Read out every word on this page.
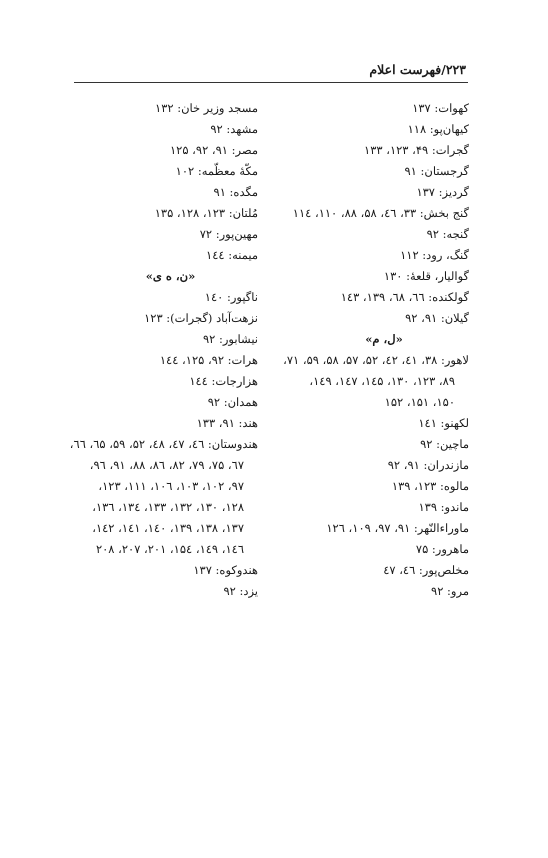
۲۲۳/فهرست اعلام
کهوات: ۱۳۷
کیهان‌پو: ۱۱۸
گجرات: ۴۹، ۱۲۳، ۱۳۳
گرجستان: ۹۱
گردیز: ۱۳۷
گنج بخش: ۳۳، ٤٦، ۵۸، ۸۸، ۱۱۰، ۱۱٤
گنجه: ۹۲
گنگ، رود: ۱۱۲
گوالیار، قلعهٔ: ۱۳۰
گولکنده: ٦٦، ٦٨، ۱۳۹، ۱٤۳
گیلان: ۹۱، ۹۲
«ل، م»
لاهور: ۳۸، ٤۱، ٤۲، ۵۲، ۵۷، ۵۸، ۵۹، ۷۱،
۸۹، ۱۲۳، ۱۳۰، ۱٤۵، ۱٤۷، ۱٤۹،
۱۵۰، ۱۵۱، ۱۵۲
لکهنو: ۱٤۱
ماچین: ۹۲
مازندران: ۹۱، ۹۲
مالوه: ۱۲۳، ۱۳۹
ماندو: ۱۳۹
ماوراءالنّهر: ۹۱، ۹۷، ۱۰۹، ۱۲٦
ماهرور: ۷۵
مخلص‌پور: ٤٦، ٤۷
مرو: ۹۲
مسجد وزیر خان: ۱۳۲
مشهد: ۹۲
مصر: ۹۱، ۹۲، ۱۲۵
مکّهٔ معظّمه: ۱۰۲
مگده: ۹۱
مُلتان: ۱۲۳، ۱۲۸، ۱۳۵
مهین‌پور: ۷۲
میمنه: ۱٤٤
«ن، ه ی»
ناگپور: ۱٤۰
نزهت‌آباد (گجرات): ۱۲۳
نیشابور: ۹۲
هرات: ۹۲، ۱۲۵، ۱٤٤
هزارجات: ۱٤٤
همدان: ۹۲
هند: ۹۱، ۱۳۳
هندوستان: ٤٦، ٤۷، ٤۸، ۵۲، ۵۹، ٦۵، ٦٦،
٦۷، ۷۵، ۷۹، ۸۲، ۸٦، ۸۸، ۹۱، ۹٦،
۹۷، ۱۰۲، ۱۰۳، ۱۰٦، ۱۱۱، ۱۲۳،
۱۲۸، ۱۳۰، ۱۳۲، ۱۳۳، ۱۳٤، ۱۳٦،
۱۳۷، ۱۳۸، ۱۳۹، ۱٤۰، ۱٤۱، ۱٤۲،
۱٤٦، ۱٤۹، ۱۵٤، ۲۰۱، ۲۰۷، ۲۰۸
هندوکوه: ۱۳۷
یزد: ۹۲
